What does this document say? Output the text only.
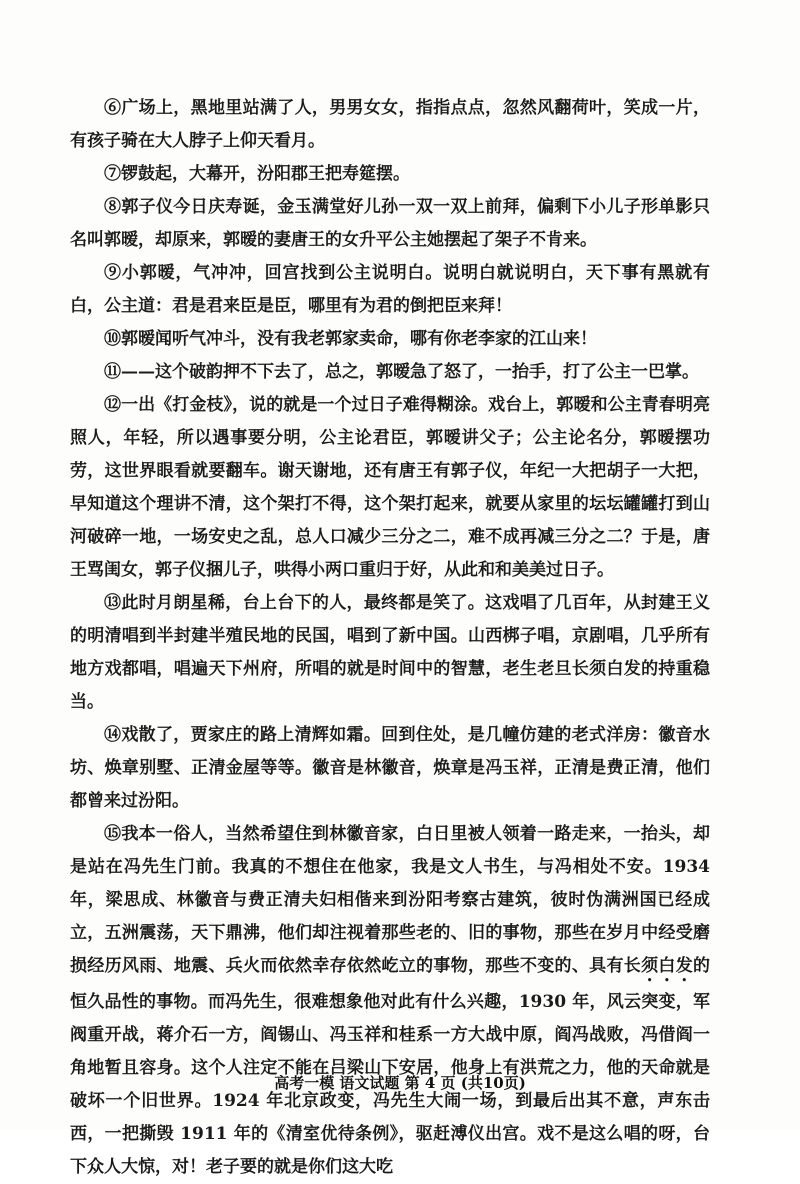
⑥广场上，黑地里站满了人，男男女女，指指点点，忽然风翻荷叶，笑成一片，有孩子骑在大人脖子上仰天看月。

⑦锣鼓起，大幕开，汾阳郡王把寿筵摆。

⑧郭子仪今日庆寿诞，金玉满堂好儿孙一双一双上前拜，偏剩下小儿子形单影只名叫郭暧，却原来，郭暧的妻唐王的女升平公主她摆起了架子不肯来。

⑨小郭暧，气冲冲，回宫找到公主说明白。说明白就说明白，天下事有黑就有白，公主道：君是君来臣是臣，哪里有为君的倒把臣来拜！

⑩郭暧闻听气冲斗，没有我老郭家卖命，哪有你老李家的江山来！

⑪——这个破韵押不下去了，总之，郭暧急了怒了，一抬手，打了公主一巴掌。

⑫一出《打金枝》，说的就是一个过日子难得糊涂。戏台上，郭暧和公主青春明亮照人，年轻，所以遇事要分明，公主论君臣，郭暧讲父子；公主论名分，郭暧摆功劳，这世界眼看就要翻车。谢天谢地，还有唐王有郭子仪，年纪一大把胡子一大把，早知道这个理讲不清，这个架打不得，这个架打起来，就要从家里的坛坛罐罐打到山河破碎一地，一场安史之乱，总人口减少三分之二，难不成再减三分之二？于是，唐王骂闺女，郭子仪捆儿子，哄得小两口重归于好，从此和和美美过日子。

⑬此时月朗星稀，台上台下的人，最终都是笑了。这戏唱了几百年，从封建王义的明清唱到半封建半殖民地的民国，唱到了新中国。山西梆子唱，京剧唱，几乎所有地方戏都唱，唱遍天下州府，所唱的就是时间中的智慧，老生老旦长须白发的持重稳当。

⑭戏散了，贾家庄的路上清辉如霜。回到住处，是几幢仿建的老式洋房：徽音水坊、焕章别墅、正清金屋等等。徽音是林徽音，焕章是冯玉祥，正清是费正清，他们都曾来过汾阳。

⑮我本一俗人，当然希望住到林徽音家，白日里被人领着一路走来，一抬头，却是站在冯先生门前。我真的不想住在他家，我是文人书生，与冯相处不安。1934 年，梁思成、林徽音与费正清夫妇相偕来到汾阳考察古建筑，彼时伪满洲国已经成立，五洲震荡，天下鼎沸，他们却注视着那些老的、旧的事物，那些在岁月中经受磨损经历风雨、地震、兵火而依然幸存依然屹立的事物，那些不变的、具有长须白发的恒久品性的事物。而冯先生，很难想象他对此有什么兴趣，1930 年，风云突变，军阀重开战，蒋介石一方，阎锡山、冯玉祥和桂系一方大战中原，阎冯战败，冯借阎一角地暂且容身。这个人注定不能在吕梁山下安居，他身上有洪荒之力，他的天命就是破坏一个旧世界。1924 年北京政变，冯先生大闹一场，到最后出其不意，声东击西，一把撕毁 1911 年的《清室优待条例》，驱赶溥仪出宫。戏不是这么唱的呀，台下众人大惊，对！老子要的就是你们这大吃

高考一模 语文试题 第 4 页 (共10页)
